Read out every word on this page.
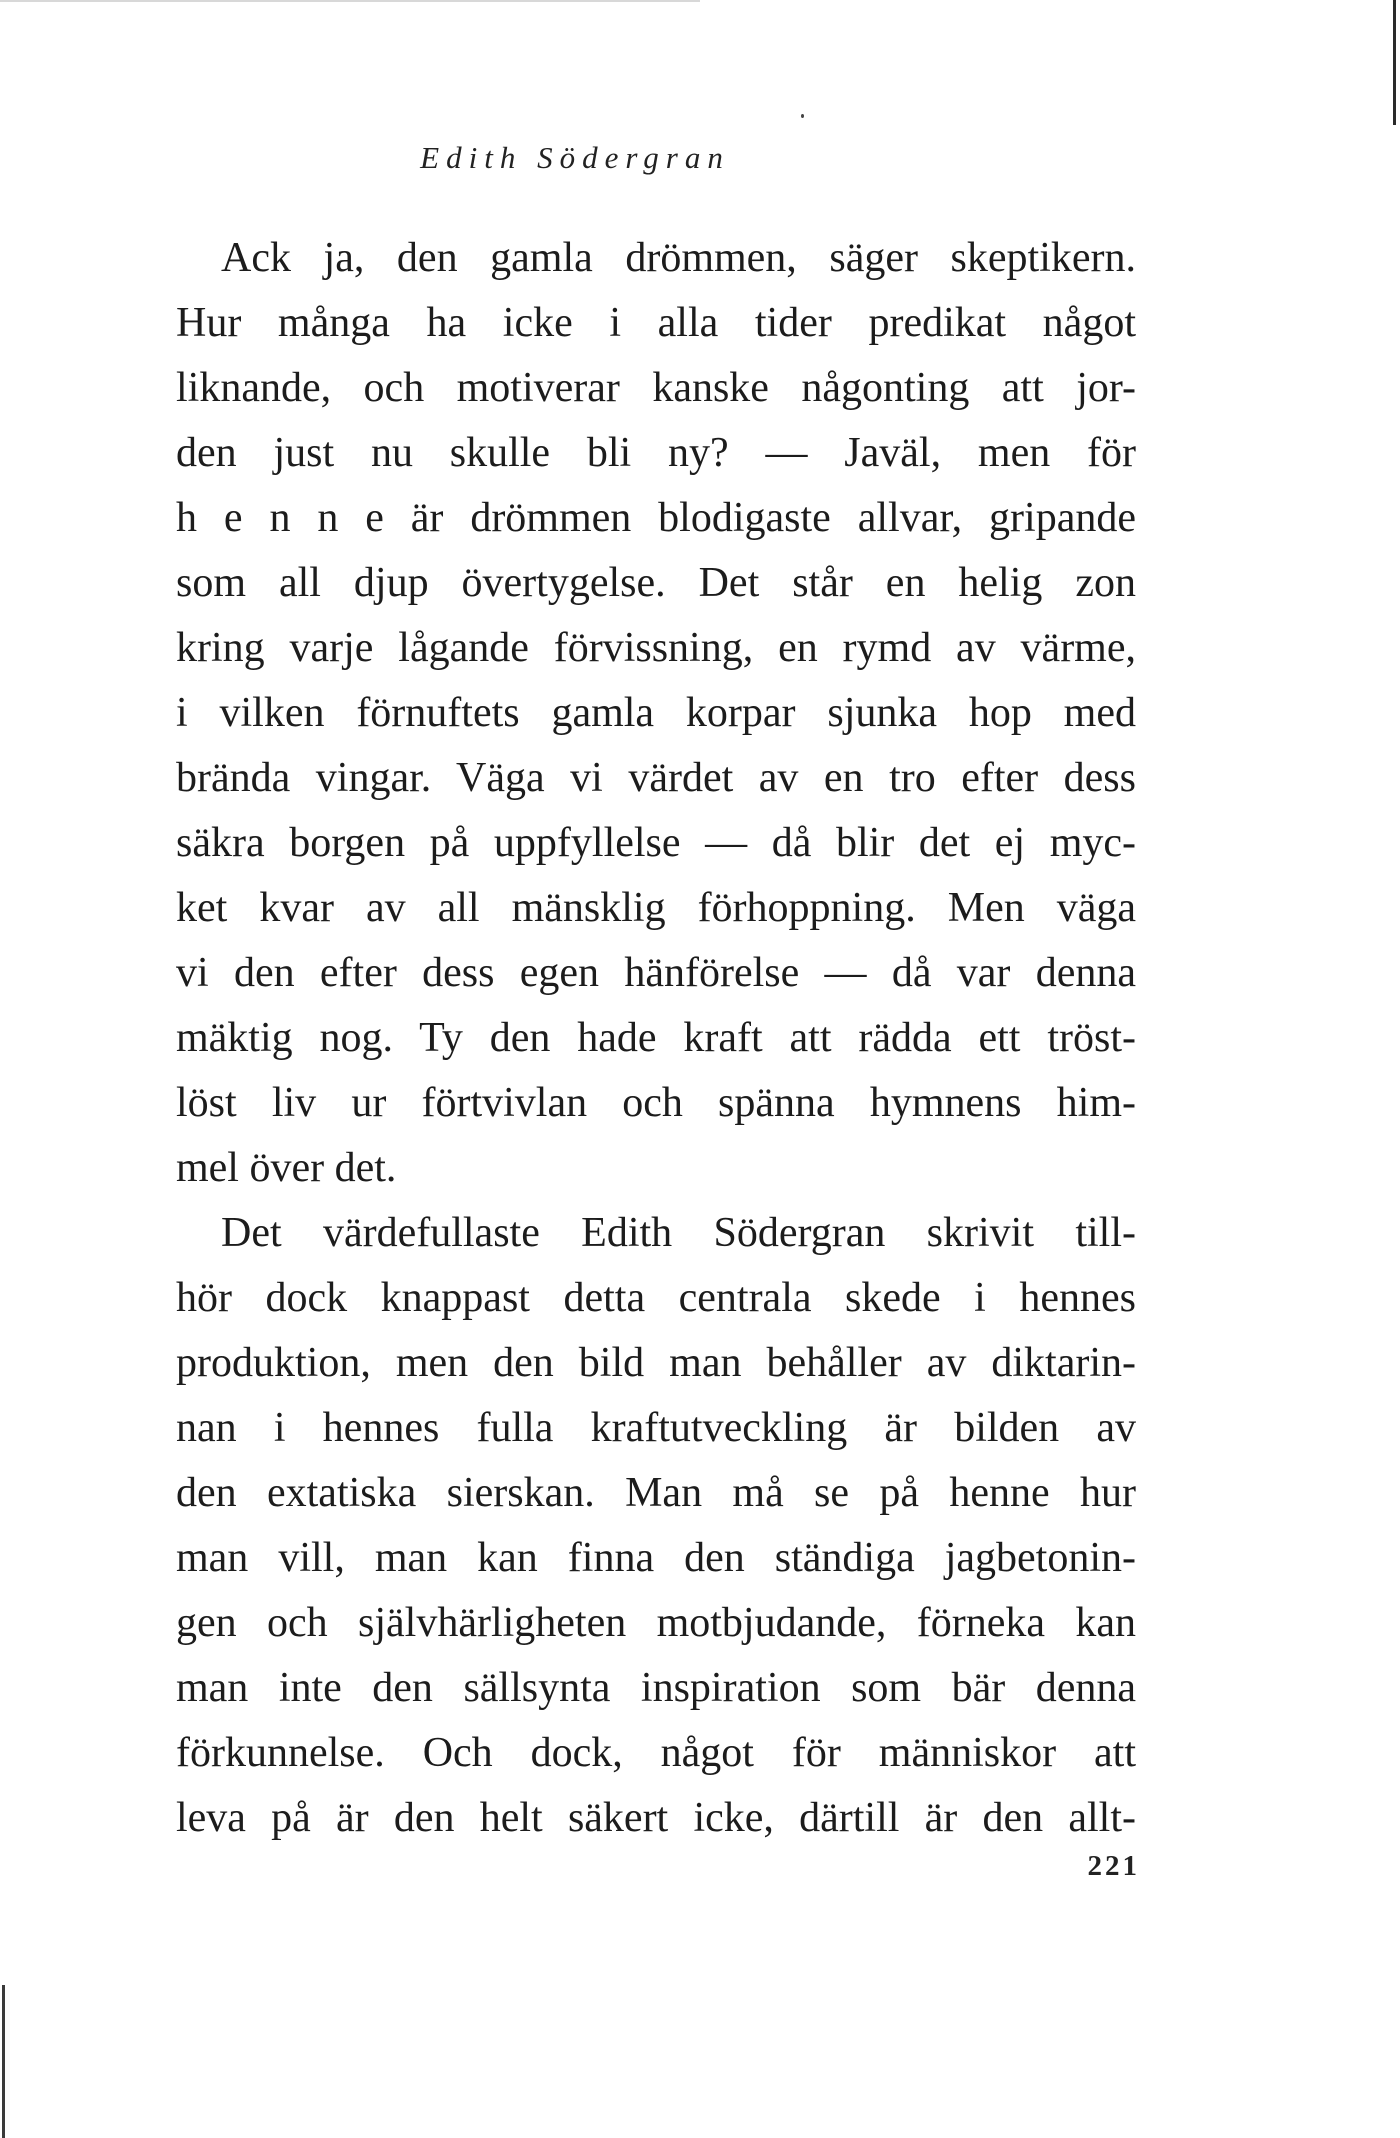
Edith Södergran
Ack ja, den gamla drömmen, säger skeptikern.
Hur många ha icke i alla tider predikat något
liknande, och motiverar kanske någonting att jor-
den just nu skulle bli ny? — Javäl, men för
h e n n e är drömmen blodigaste allvar, gripande
som all djup övertygelse. Det står en helig zon
kring varje lågande förvissning, en rymd av värme,
i vilken förnuftets gamla korpar sjunka hop med
brända vingar. Väga vi värdet av en tro efter dess
säkra borgen på uppfyllelse — då blir det ej myc-
ket kvar av all mänsklig förhoppning. Men väga
vi den efter dess egen hänförelse — då var denna
mäktig nog. Ty den hade kraft att rädda ett tröst-
löst liv ur förtvivlan och spänna hymnens him-
mel över det.
Det värdefullaste Edith Södergran skrivit till-
hör dock knappast detta centrala skede i hennes
produktion, men den bild man behåller av diktarin-
nan i hennes fulla kraftutveckling är bilden av
den extatiska sierskan. Man må se på henne hur
man vill, man kan finna den ständiga jagbetonin-
gen och självhärligheten motbjudande, förneka kan
man inte den sällsynta inspiration som bär denna
förkunnelse. Och dock, något för människor att
leva på är den helt säkert icke, därtill är den allt-
221
